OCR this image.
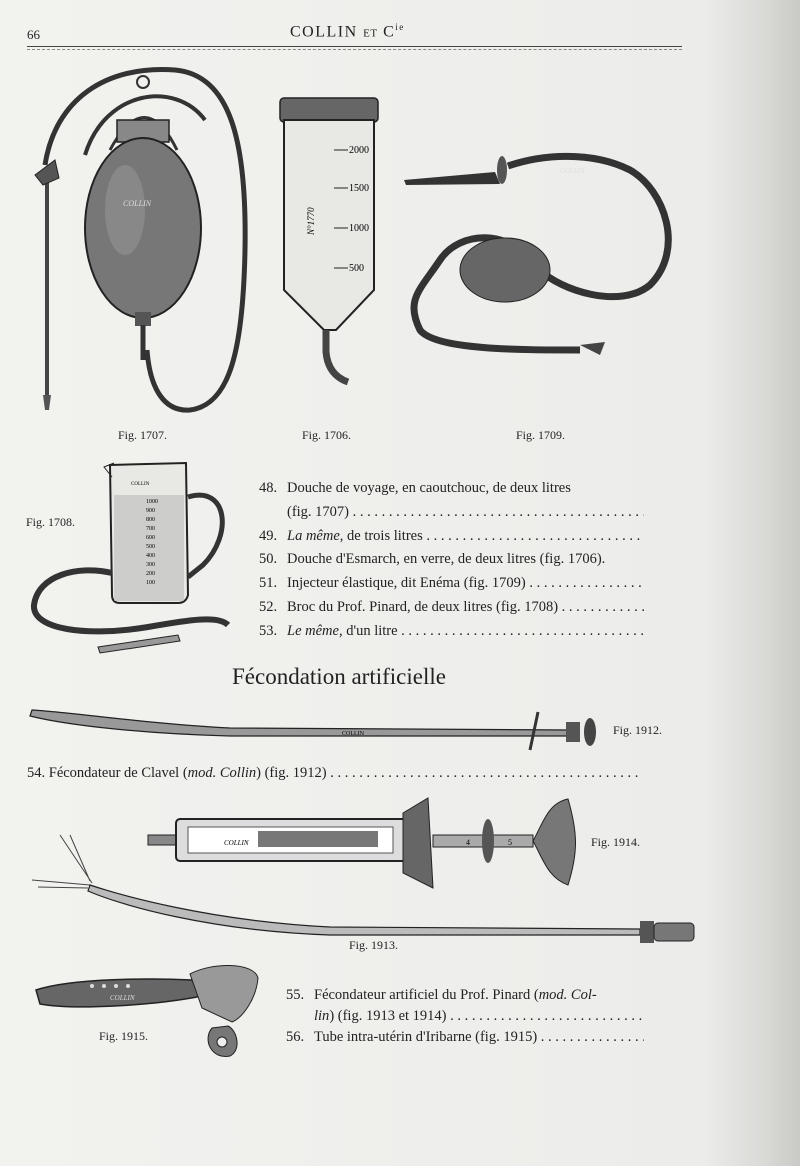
66	COLLIN ET $C^{ie}$
COLLIN
Fig. 1707.
N°1770
2000
1500
1000
500
Fig. 1706.
COLLIN
Fig. 1709.
COLLIN
1000
900
800
700
600
500
400
300
200
100
Fig. 1708.
48. Douche de voyage, en caoutchouc, de deux litres
(fig. 1707) . . .
49. La même, de trois litres . . .
50. Douche d'Esmarch, en verre, de deux litres (fig. 1706).
51. Injecteur élastique, dit Enéma (fig. 1709) . . .
52. Broc du Prof. Pinard, de deux litres (fig. 1708) . . .
53. Le même, d'un litre . . .
Fécondation artificielle
COLLIN	Fig. 1912.
54. Fécondateur de Clavel (mod. Collin) (fig. 1912) . . .
COLLIN	4	5	Fig. 1914.
Fig. 1913.
COLLIN
Fig. 1915.
55. Fécondateur artificiel du Prof. Pinard (mod. Col-
lin) (fig. 1913 et 1914) . . .
56. Tube intra-utérin d'Iribarne (fig. 1915) . . .
